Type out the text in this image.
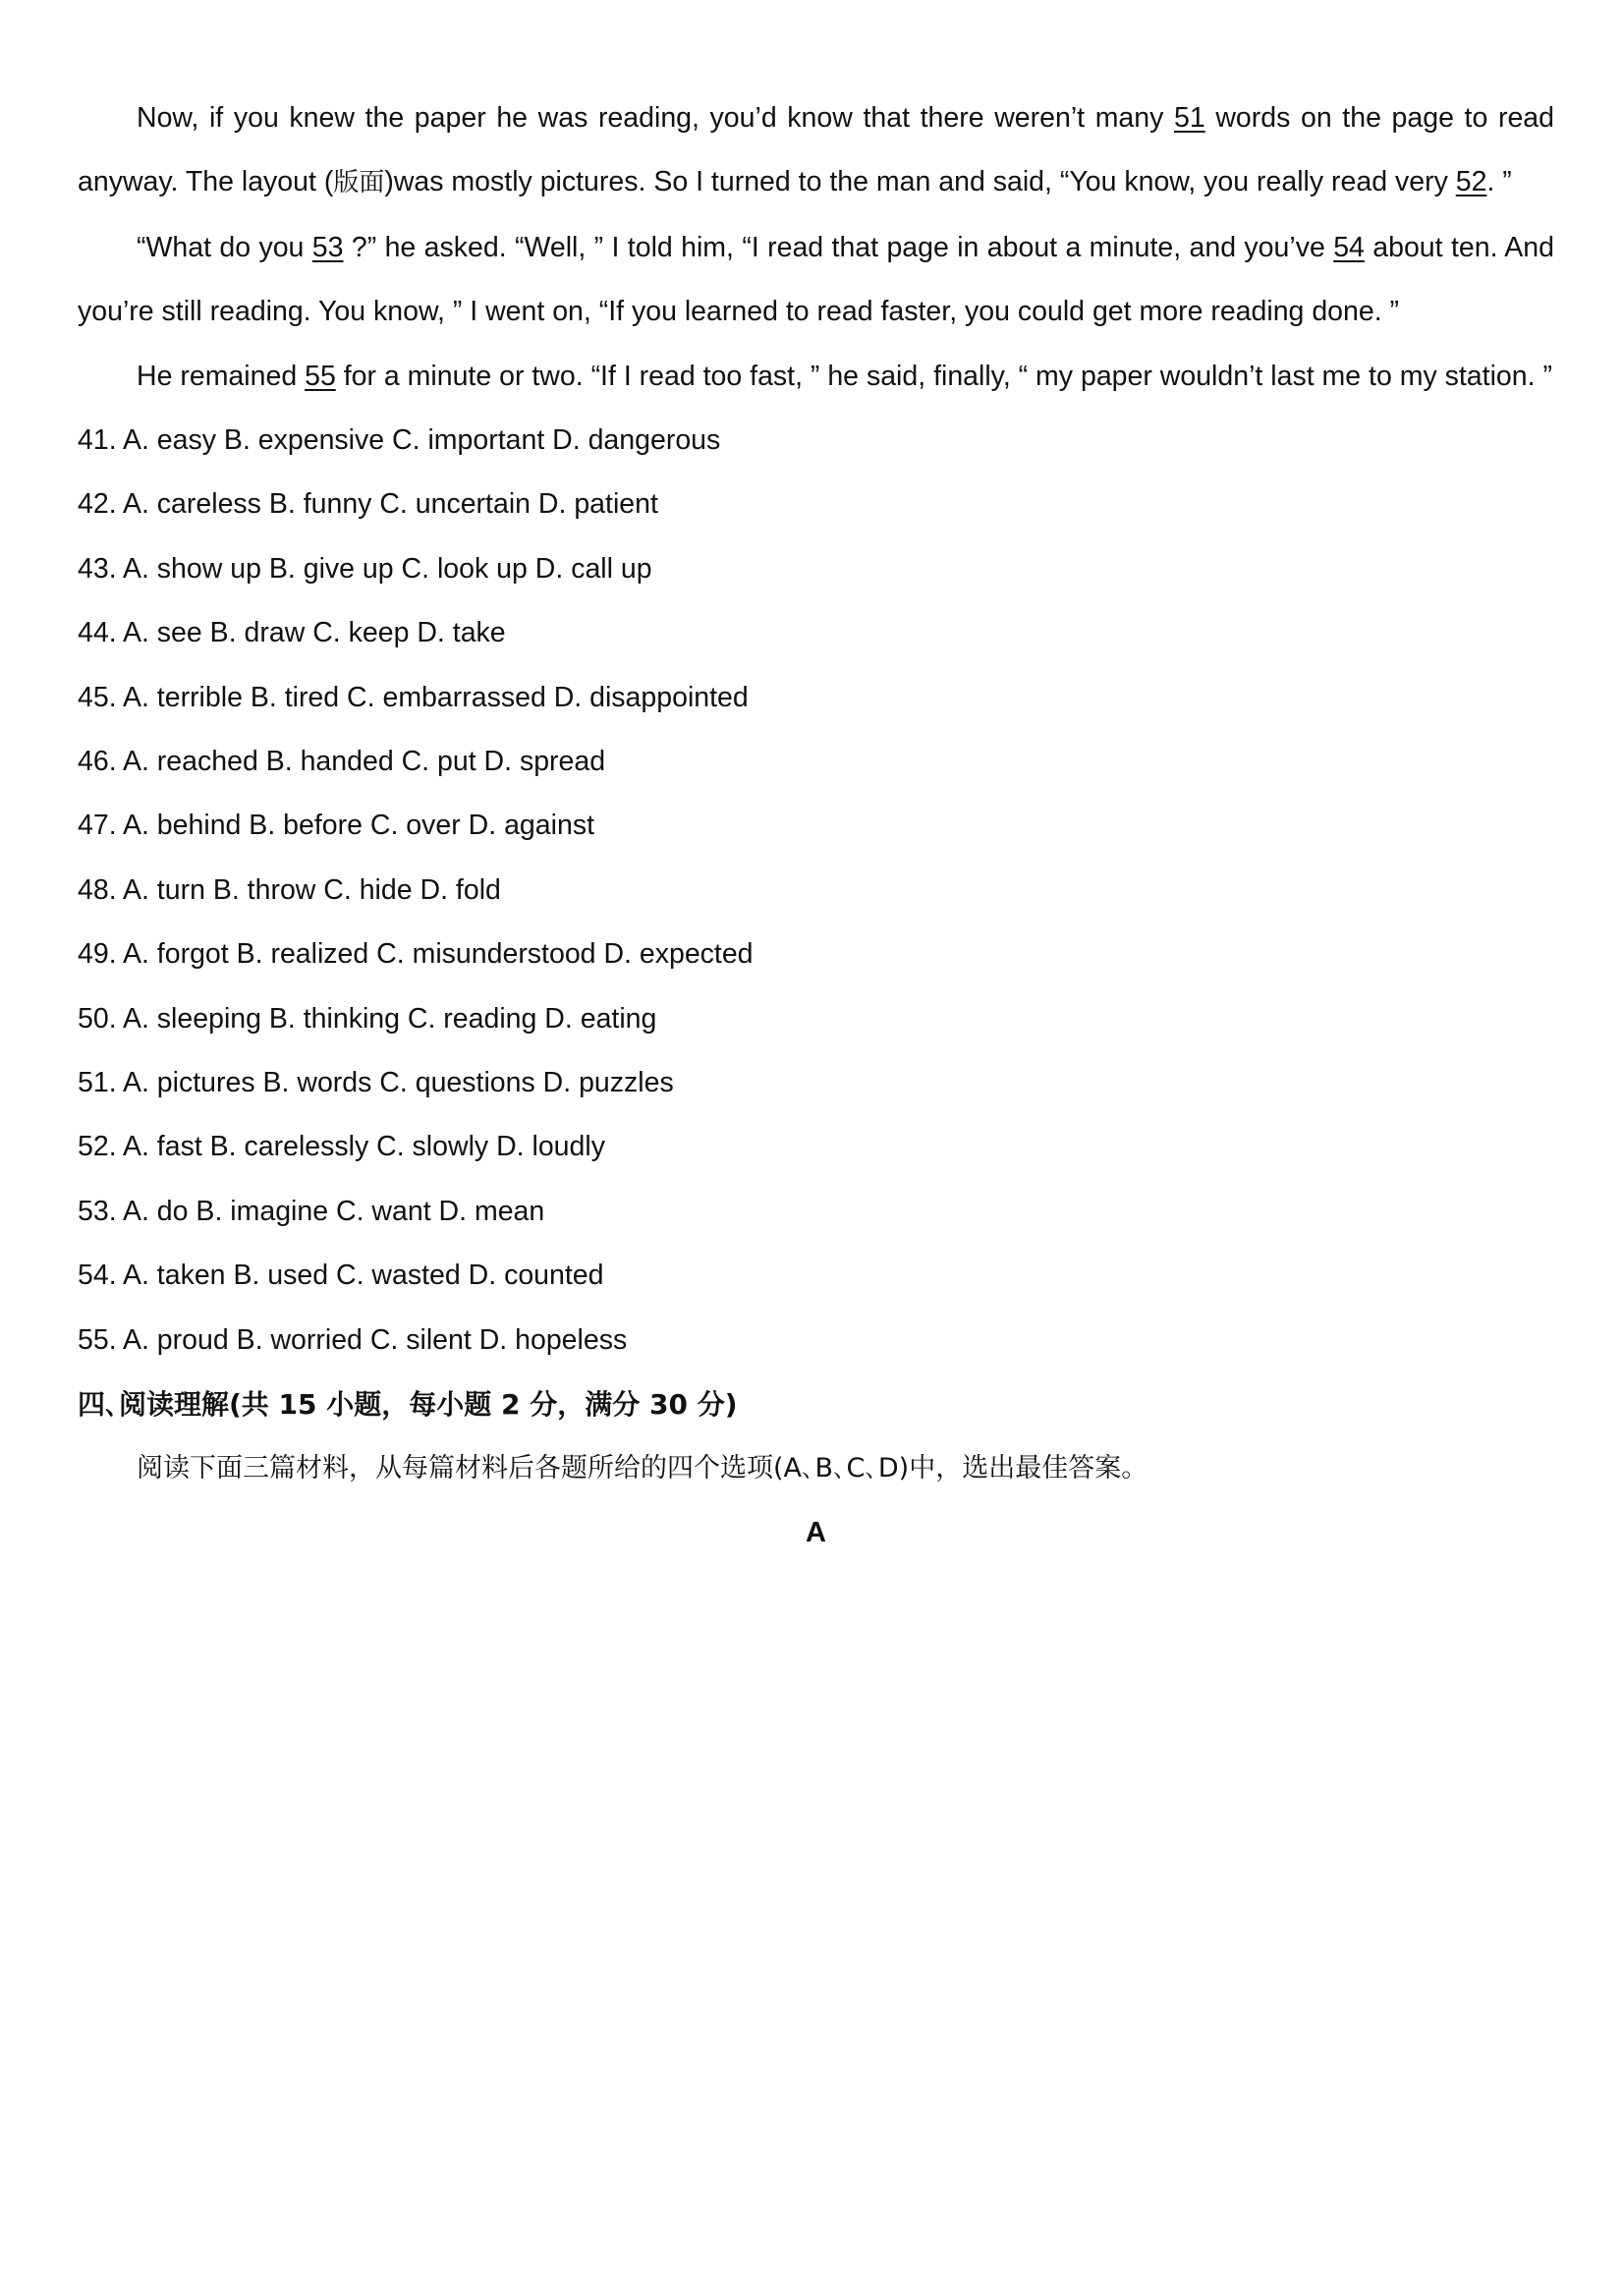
Now, if you knew the paper he was reading, you’d know that there weren’t many 51 words on the page to read anyway. The layout (版面)was mostly pictures. So I turned to the man and said, “You know, you really read very 52. ”

“What do you 53 ?” he asked. “Well, ” I told him, “I read that page in about a minute, and you’ve 54 about ten. And you’re still reading. You know, ” I went on, “If you learned to read faster, you could get more reading done. ”

He remained 55 for a minute or two. “If I read too fast, ” he said, finally, “ my paper wouldn’t last me to my station. ”

41. A. easy B. expensive C. important D. dangerous
42. A. careless B. funny C. uncertain D. patient
43. A. show up B. give up C. look up D. call up
44. A. see B. draw C. keep D. take
45. A. terrible B. tired C. embarrassed D. disappointed
46. A. reached B. handed C. put D. spread
47. A. behind B. before C. over D. against
48. A. turn B. throw C. hide D. fold
49. A. forgot B. realized C. misunderstood D. expected
50. A. sleeping B. thinking C. reading D. eating
51. A. pictures B. words C. questions D. puzzles
52. A. fast B. carelessly C. slowly D. loudly
53. A. do B. imagine C. want D. mean
54. A. taken B. used C. wasted D. counted
55. A. proud B. worried C. silent D. hopeless

四､阅读理解(共 15 小题，每小题 2 分，满分 30 分)

阅读下面三篇材料，从每篇材料后各题所给的四个选项(A､B､C､D)中，选出最佳答案。

A
